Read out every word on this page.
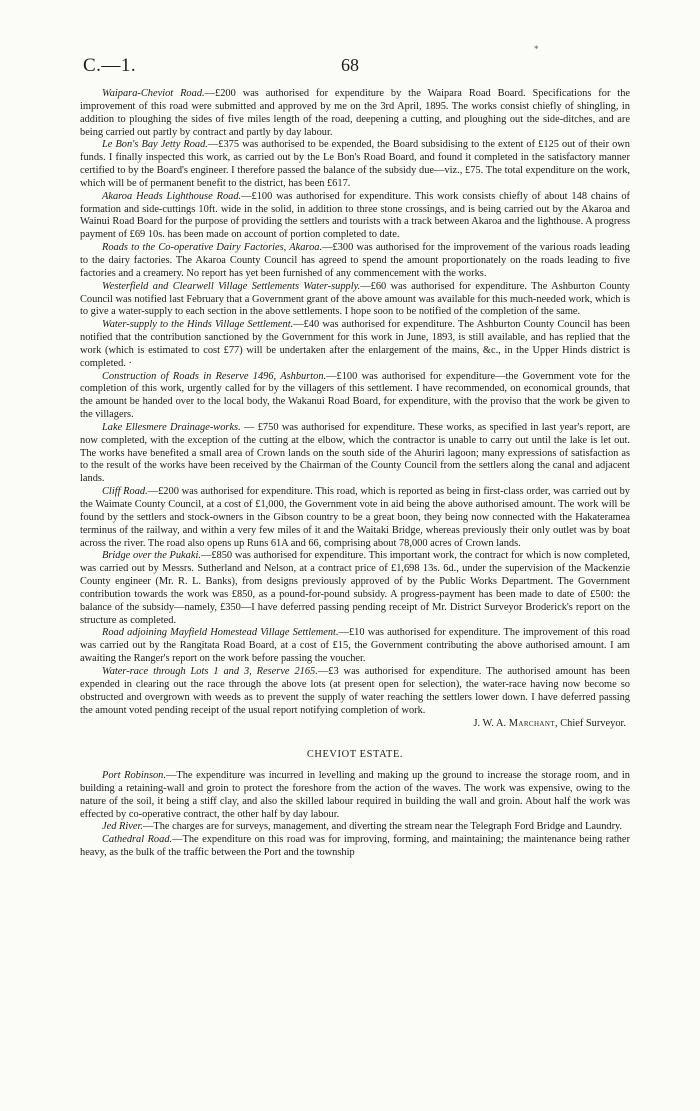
C.—1.	68
*

Waipara-Cheviot Road.—£200 was authorised for expenditure by the Waipara Road Board. Specifications for the improvement of this road were submitted and approved by me on the 3rd April, 1895. The works consist chiefly of shingling, in addition to ploughing the sides of five miles length of the road, deepening a cutting, and ploughing out the side-ditches, and are being carried out partly by contract and partly by day labour.

Le Bon's Bay Jetty Road.—£375 was authorised to be expended, the Board subsidising to the extent of £125 out of their own funds. I finally inspected this work, as carried out by the Le Bon's Road Board, and found it completed in the satisfactory manner certified to by the Board's engineer. I therefore passed the balance of the subsidy due—viz., £75. The total expenditure on the work, which will be of permanent benefit to the district, has been £617.

Akaroa Heads Lighthouse Road.—£100 was authorised for expenditure. This work consists chiefly of about 148 chains of formation and side-cuttings 10ft. wide in the solid, in addition to three stone crossings, and is being carried out by the Akaroa and Wainui Road Board for the purpose of providing the settlers and tourists with a track between Akaroa and the lighthouse. A progress payment of £69 10s. has been made on account of portion completed to date.

Roads to the Co-operative Dairy Factories, Akaroa.—£300 was authorised for the improvement of the various roads leading to the dairy factories. The Akaroa County Council has agreed to spend the amount proportionately on the roads leading to five factories and a creamery. No report has yet been furnished of any commencement with the works.

Westerfield and Clearwell Village Settlements Water-supply.—£60 was authorised for expenditure. The Ashburton County Council was notified last February that a Government grant of the above amount was available for this much-needed work, which is to give a water-supply to each section in the above settlements. I hope soon to be notified of the completion of the same.

Water-supply to the Hinds Village Settlement.—£40 was authorised for expenditure. The Ashburton County Council has been notified that the contribution sanctioned by the Government for this work in June, 1893, is still available, and has replied that the work (which is estimated to cost £77) will be undertaken after the enlargement of the mains, &c., in the Upper Hinds district is completed. ·

Construction of Roads in Reserve 1496, Ashburton.—£100 was authorised for expenditure—the Government vote for the completion of this work, urgently called for by the villagers of this settlement. I have recommended, on economical grounds, that the amount be handed over to the local body, the Wakanui Road Board, for expenditure, with the proviso that the work be given to the villagers.

Lake Ellesmere Drainage-works. — £750 was authorised for expenditure. These works, as specified in last year's report, are now completed, with the exception of the cutting at the elbow, which the contractor is unable to carry out until the lake is let out. The works have benefited a small area of Crown lands on the south side of the Ahuriri lagoon; many expressions of satisfaction as to the result of the works have been received by the Chairman of the County Council from the settlers along the canal and adjacent lands.

Cliff Road.—£200 was authorised for expenditure. This road, which is reported as being in first-class order, was carried out by the Waimate County Council, at a cost of £1,000, the Government vote in aid being the above authorised amount. The work will be found by the settlers and stock-owners in the Gibson country to be a great boon, they being now connected with the Hakateramea terminus of the railway, and within a very few miles of it and the Waitaki Bridge, whereas previously their only outlet was by boat across the river. The road also opens up Runs 61A and 66, comprising about 78,000 acres of Crown lands.

Bridge over the Pukaki.—£850 was authorised for expenditure. This important work, the contract for which is now completed, was carried out by Messrs. Sutherland and Nelson, at a contract price of £1,698 13s. 6d., under the supervision of the Mackenzie County engineer (Mr. R. L. Banks), from designs previously approved of by the Public Works Department. The Government contribution towards the work was £850, as a pound-for-pound subsidy. A progress-payment has been made to date of £500: the balance of the subsidy—namely, £350—I have deferred passing pending receipt of Mr. District Surveyor Broderick's report on the structure as completed.

Road adjoining Mayfield Homestead Village Settlement.—£10 was authorised for expenditure. The improvement of this road was carried out by the Rangitata Road Board, at a cost of £15, the Government contributing the above authorised amount. I am awaiting the Ranger's report on the work before passing the voucher.

Water-race through Lots 1 and 3, Reserve 2165.—£3 was authorised for expenditure. The authorised amount has been expended in clearing out the race through the above lots (at present open for selection), the water-race having now become so obstructed and overgrown with weeds as to prevent the supply of water reaching the settlers lower down. I have deferred passing the amount voted pending receipt of the usual report notifying completion of work.

J. W. A. Marchant, Chief Surveyor.
CHEVIOT ESTATE.

Port Robinson.—The expenditure was incurred in levelling and making up the ground to increase the storage room, and in building a retaining-wall and groin to protect the foreshore from the action of the waves. The work was expensive, owing to the nature of the soil, it being a stiff clay, and also the skilled labour required in building the wall and groin. About half the work was effected by co-operative contract, the other half by day labour.

Jed River.—The charges are for surveys, management, and diverting the stream near the Telegraph Ford Bridge and Laundry.

Cathedral Road.—The expenditure on this road was for improving, forming, and maintaining; the maintenance being rather heavy, as the bulk of the traffic between the Port and the township
